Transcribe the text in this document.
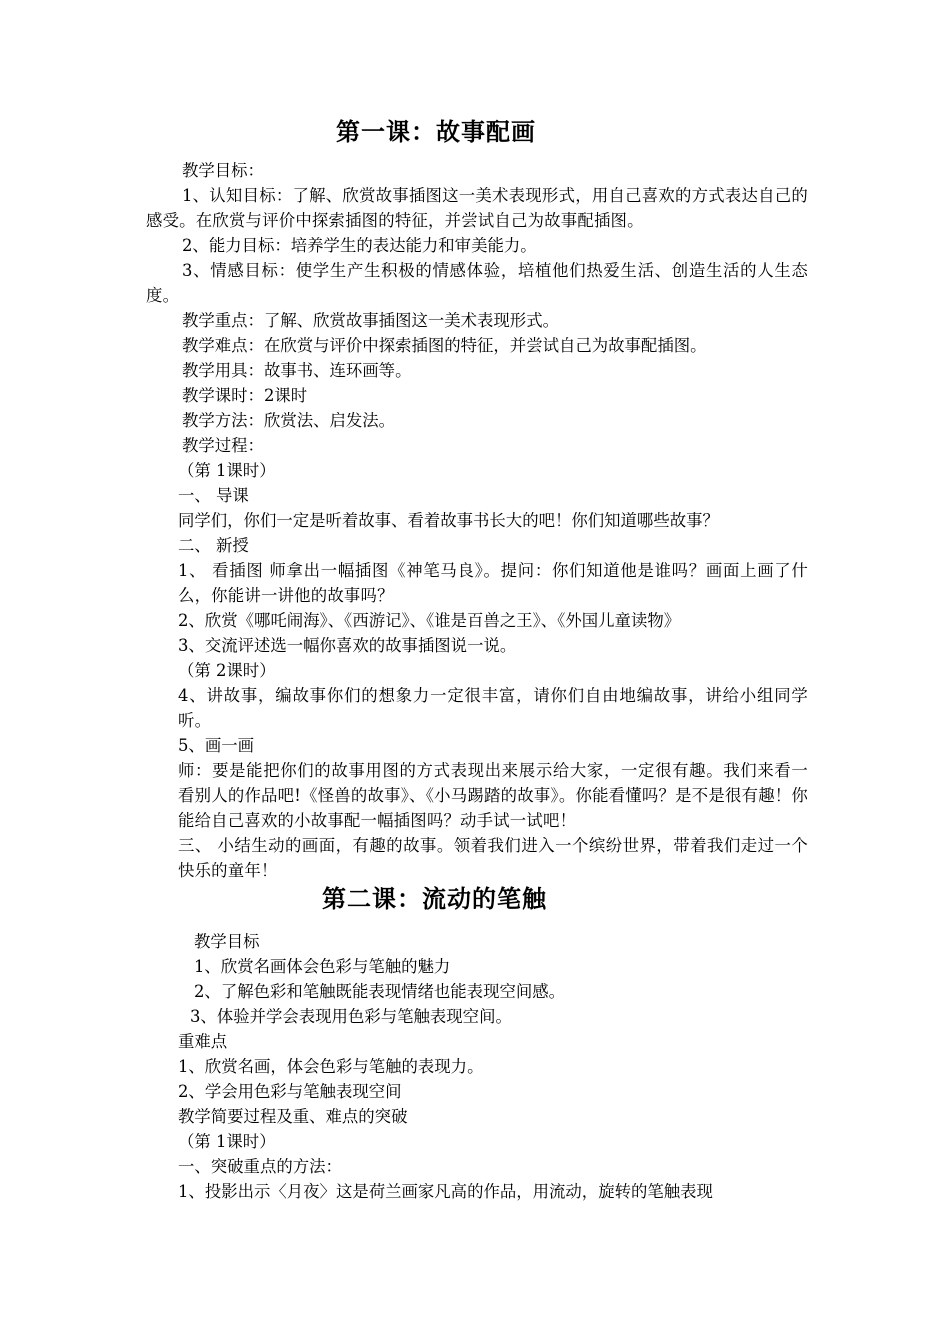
第一课：故事配画

教学目标：

1、认知目标：了解、欣赏故事插图这一美术表现形式，用自己喜欢的方式表达自己的感受。在欣赏与评价中探索插图的特征，并尝试自己为故事配插图。

2、能力目标：培养学生的表达能力和审美能力。

3、情感目标：使学生产生积极的情感体验，培植他们热爱生活、创造生活的人生态度。

教学重点：了解、欣赏故事插图这一美术表现形式。

教学难点：在欣赏与评价中探索插图的特征，并尝试自己为故事配插图。

教学用具：故事书、连环画等。

教学课时：2课时

教学方法：欣赏法、启发法。

教学过程：

（第 1课时）

一、 导课

同学们，你们一定是听着故事、看着故事书长大的吧！你们知道哪些故事？

二、 新授

1、 看插图 师拿出一幅插图《神笔马良》。提问：你们知道他是谁吗？画面上画了什么，你能讲一讲他的故事吗？

2、欣赏《哪吒闹海》、《西游记》、《谁是百兽之王》、《外国儿童读物》

3、交流评述选一幅你喜欢的故事插图说一说。

（第 2课时）

4、讲故事，编故事你们的想象力一定很丰富，请你们自由地编故事，讲给小组同学听。

5、画一画

师：要是能把你们的故事用图的方式表现出来展示给大家，一定很有趣。我们来看一看别人的作品吧!《怪兽的故事》、《小马踢踏的故事》。你能看懂吗？是不是很有趣！你能给自己喜欢的小故事配一幅插图吗？动手试一试吧！

三、 小结生动的画面，有趣的故事。领着我们进入一个缤纷世界，带着我们走过一个快乐的童年！

第二课：流动的笔触

教学目标

1、欣赏名画体会色彩与笔触的魅力

2、了解色彩和笔触既能表现情绪也能表现空间感。

3、体验并学会表现用色彩与笔触表现空间。

重难点

1、欣赏名画，体会色彩与笔触的表现力。

2、学会用色彩与笔触表现空间

教学简要过程及重、难点的突破

（第 1课时）

一、突破重点的方法：

1、投影出示〈月夜〉这是荷兰画家凡高的作品，用流动，旋转的笔触表现
